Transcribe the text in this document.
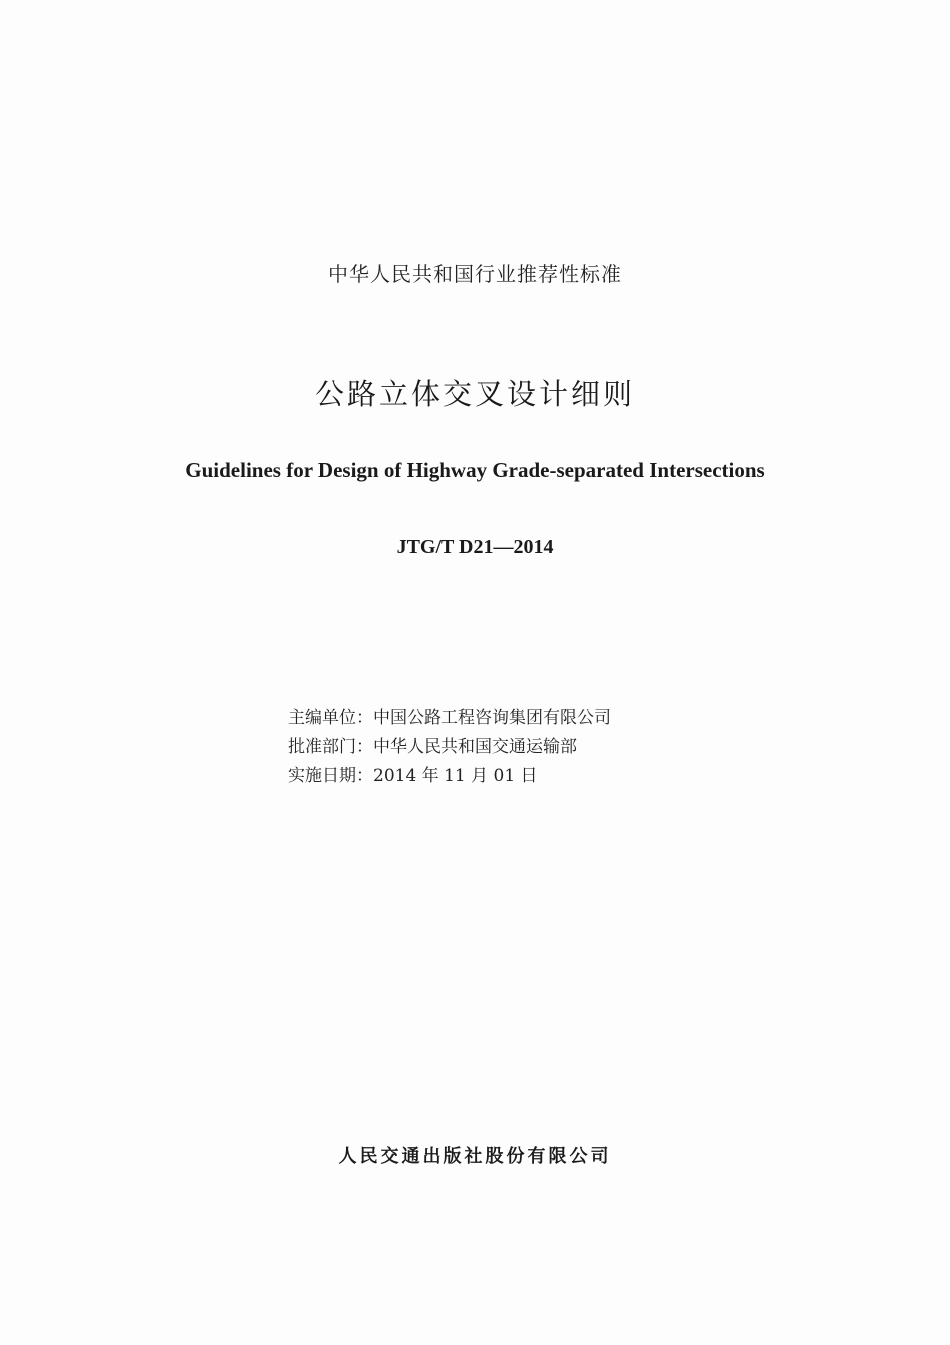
中华人民共和国行业推荐性标准
公路立体交叉设计细则
Guidelines for Design of Highway Grade-separated Intersections
JTG/T D21—2014
主编单位：中国公路工程咨询集团有限公司
批准部门：中华人民共和国交通运输部
实施日期：2014 年 11 月 01 日
人民交通出版社股份有限公司
